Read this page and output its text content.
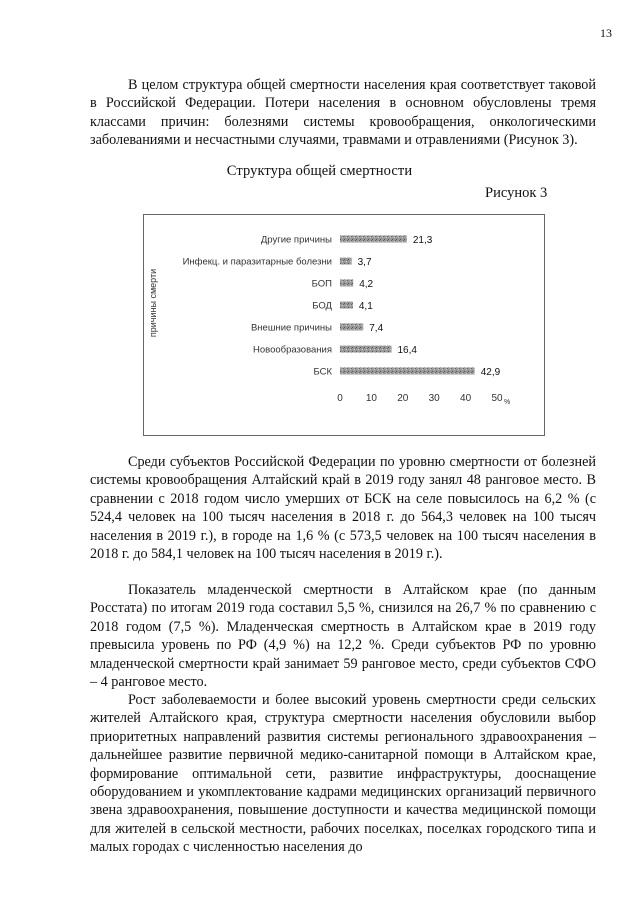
13

В целом структура общей смертности населения края соответствует таковой в Российской Федерации. Потери населения в основном обусловлены тремя классами причин: болезнями системы кровообращения, онкологическими заболеваниями и несчастными случаями, травмами и отравлениями (Рисунок 3).

Структура общей смертности
Рисунок 3
причины смерти
Другие причины	21,3
Инфекц. и паразитарные болезни	3,7
БОП	4,2
БОД	4,1
Внешние причины	7,4
Новообразования	16,4
БСК	42,9
0 10 20 30 40 50 %

Среди субъектов Российской Федерации по уровню смертности от болезней системы кровообращения Алтайский край в 2019 году занял 48 ранговое место. В сравнении с 2018 годом число умерших от БСК на селе повысилось на 6,2 % (с 524,4 человек на 100 тысяч населения в 2018 г. до 564,3 человек на 100 тысяч населения в 2019 г.), в городе на 1,6 % (с 573,5 человек на 100 тысяч населения в 2018 г. до 584,1 человек на 100 тысяч населения в 2019 г.).

Показатель младенческой смертности в Алтайском крае (по данным Росстата) по итогам 2019 года составил 5,5 %, снизился на 26,7 % по сравнению с 2018 годом (7,5 %). Младенческая смертность в Алтайском крае в 2019 году превысила уровень по РФ (4,9 %) на 12,2 %. Среди субъектов РФ по уровню младенческой смертности край занимает 59 ранговое место, среди субъектов СФО – 4 ранговое место.

Рост заболеваемости и более высокий уровень смертности среди сельских жителей Алтайского края, структура смертности населения обусловили выбор приоритетных направлений развития системы регионального здравоохранения – дальнейшее развитие первичной медико-санитарной помощи в Алтайском крае, формирование оптимальной сети, развитие инфраструктуры, дооснащение оборудованием и укомплектование кадрами медицинских организаций первичного звена здравоохранения, повышение доступности и качества медицинской помощи для жителей в сельской местности, рабочих поселках, поселках городского типа и малых городах с численностью населения до
